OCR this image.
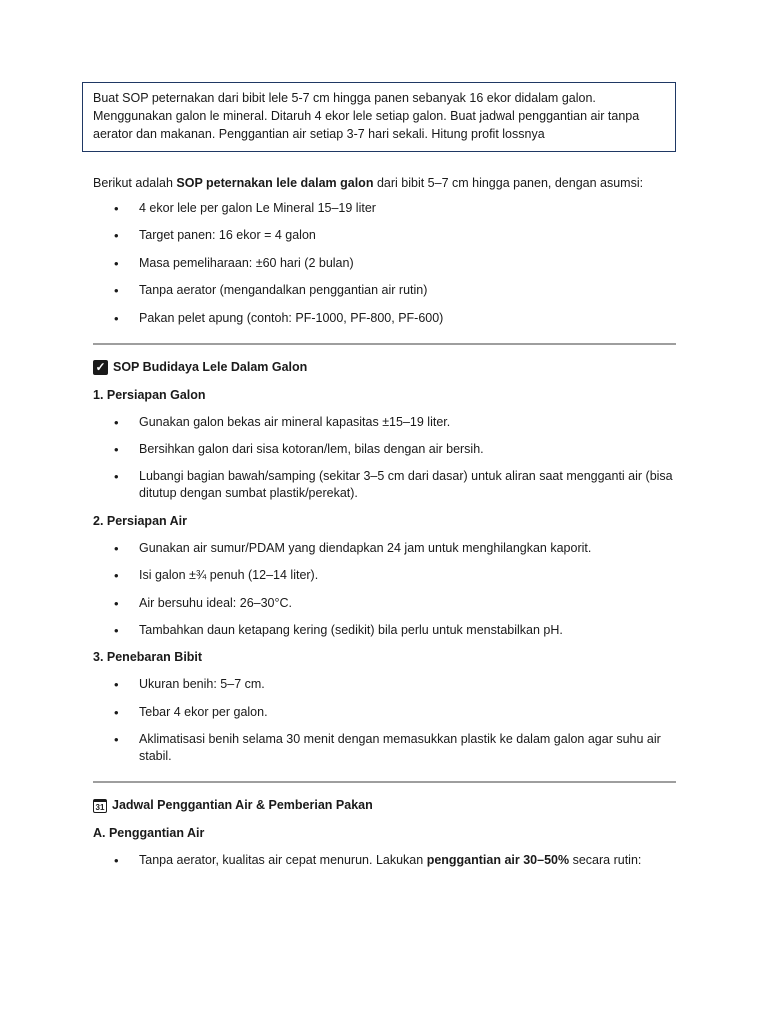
Buat SOP peternakan dari bibit lele 5-7 cm hingga panen sebanyak 16 ekor didalam galon.
Menggunakan galon le mineral. Ditaruh 4 ekor lele setiap galon. Buat jadwal penggantian air tanpa
aerator dan makanan. Penggantian air setiap 3-7 hari sekali. Hitung profit lossnya

Berikut adalah SOP peternakan lele dalam galon dari bibit 5–7 cm hingga panen, dengan asumsi:

• 4 ekor lele per galon Le Mineral 15–19 liter
• Target panen: 16 ekor = 4 galon
• Masa pemeliharaan: ±60 hari (2 bulan)
• Tanpa aerator (mengandalkan penggantian air rutin)
• Pakan pelet apung (contoh: PF-1000, PF-800, PF-600)
✓ SOP Budidaya Lele Dalam Galon
1. Persiapan Galon
• Gunakan galon bekas air mineral kapasitas ±15–19 liter.
• Bersihkan galon dari sisa kotoran/lem, bilas dengan air bersih.
• Lubangi bagian bawah/samping (sekitar 3–5 cm dari dasar) untuk aliran saat mengganti air (bisa ditutup dengan sumbat plastik/perekat).
2. Persiapan Air
• Gunakan air sumur/PDAM yang diendapkan 24 jam untuk menghilangkan kaporit.
• Isi galon ±¾ penuh (12–14 liter).
• Air bersuhu ideal: 26–30°C.
• Tambahkan daun ketapang kering (sedikit) bila perlu untuk menstabilkan pH.
3. Penebaran Bibit
• Ukuran benih: 5–7 cm.
• Tebar 4 ekor per galon.
• Aklimatisasi benih selama 30 menit dengan memasukkan plastik ke dalam galon agar suhu air stabil.
31 Jadwal Penggantian Air & Pemberian Pakan
A. Penggantian Air
• Tanpa aerator, kualitas air cepat menurun. Lakukan penggantian air 30–50% secara rutin:
